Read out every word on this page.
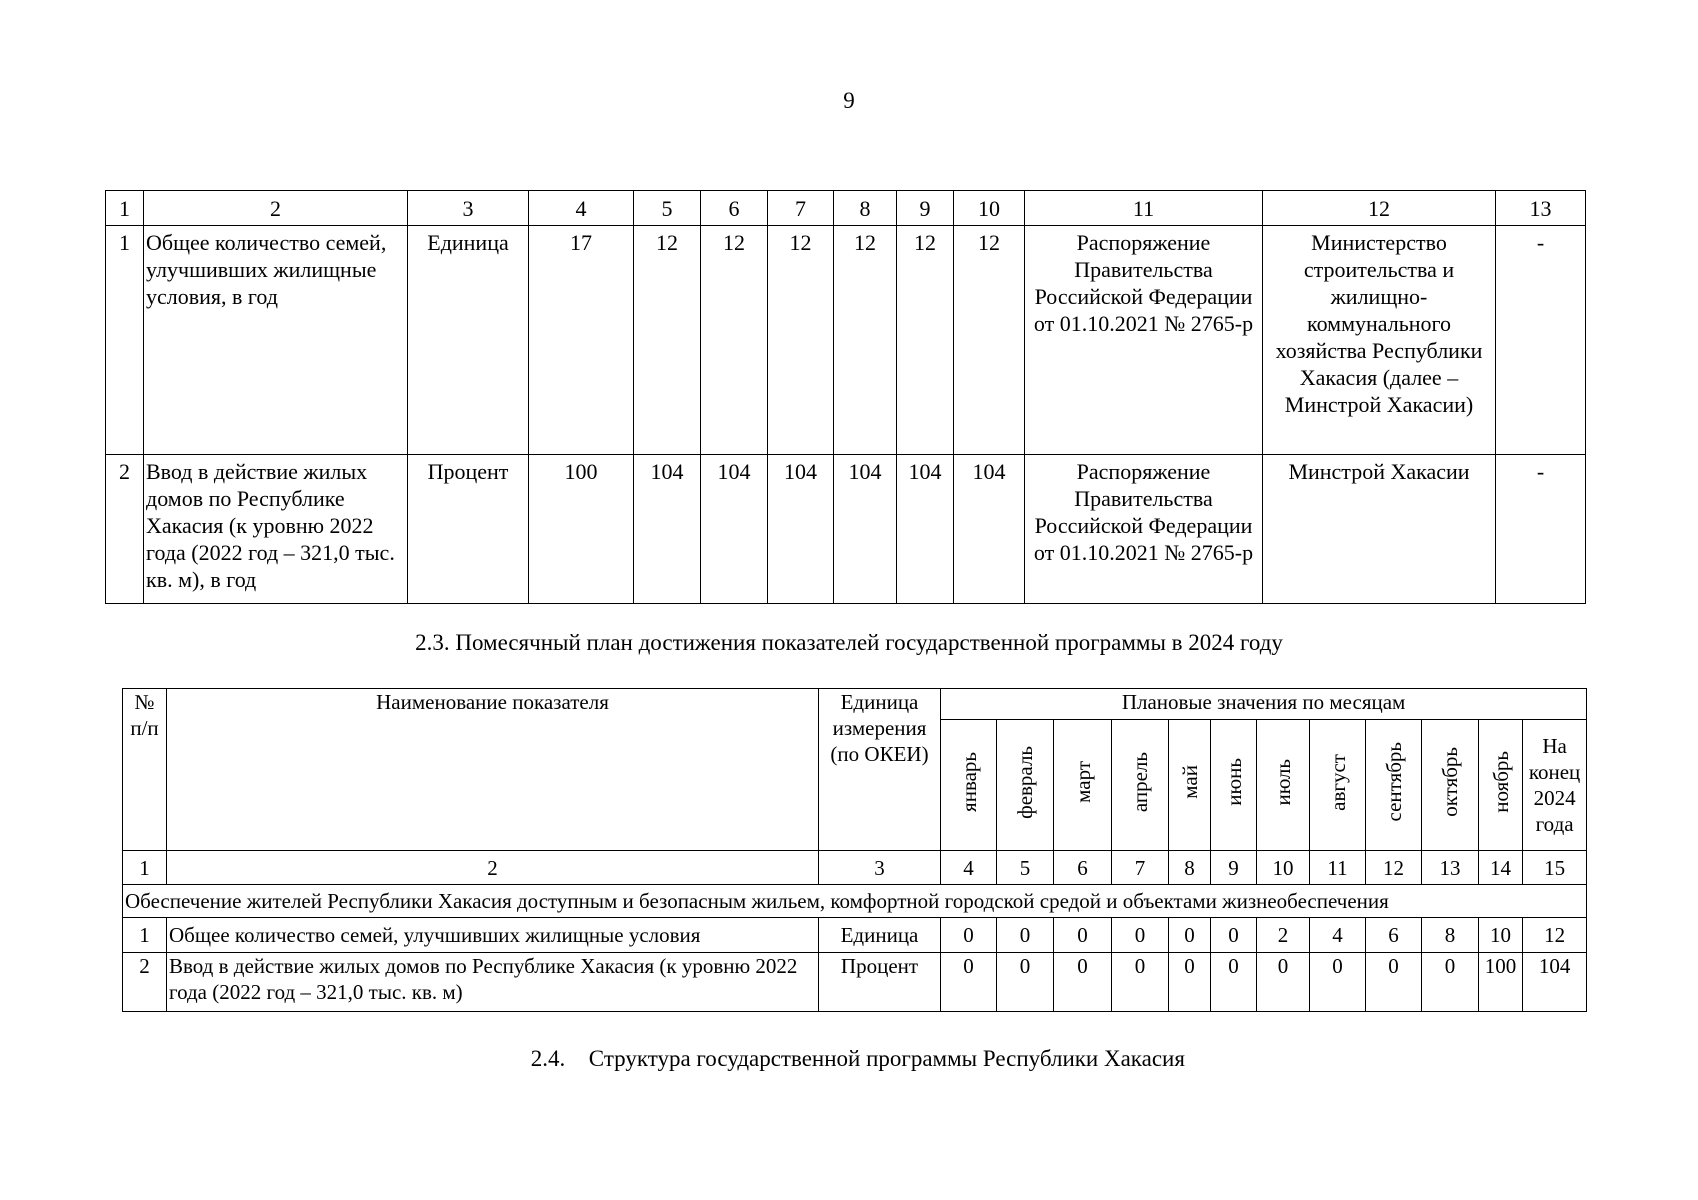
9
1	2	3	4	5	6	7	8	9	10	11	12	13
1	Общее количество семей, улучшивших жилищные условия, в год	Единица	17	12	12	12	12	12	12	Распоряжение Правительства Российской Федерации от 01.10.2021 № 2765-р	Министерство строительства и жилищно-коммунального хозяйства Республики Хакасия (далее – Минстрой Хакасии)	-
2	Ввод в действие жилых домов по Республике Хакасия (к уровню 2022 года (2022 год – 321,0 тыс. кв. м), в год	Процент	100	104	104	104	104	104	104	Распоряжение Правительства Российской Федерации от 01.10.2021 № 2765-р	Минстрой Хакасии	-
2.3. Помесячный план достижения показателей государственной программы в 2024 году
№ п/п	Наименование показателя	Единица измерения (по ОКЕИ)	Плановые значения по месяцам											
			январь	февраль	март	апрель	май	июнь	июль	август	сентябрь	октябрь	ноябрь	На конец 2024 года
1	2	3	4	5	6	7	8	9	10	11	12	13	14	15
Обеспечение жителей Республики Хакасия доступным и безопасным жильем, комфортной городской средой и объектами жизнеобеспечения														
1	Общее количество семей, улучшивших жилищные условия	Единица	0	0	0	0	0	0	2	4	6	8	10	12
2	Ввод в действие жилых домов по Республике Хакасия (к уровню 2022 года (2022 год – 321,0 тыс. кв. м)	Процент	0	0	0	0	0	0	0	0	0	0	100	104
2.4. Структура государственной программы Республики Хакасия
